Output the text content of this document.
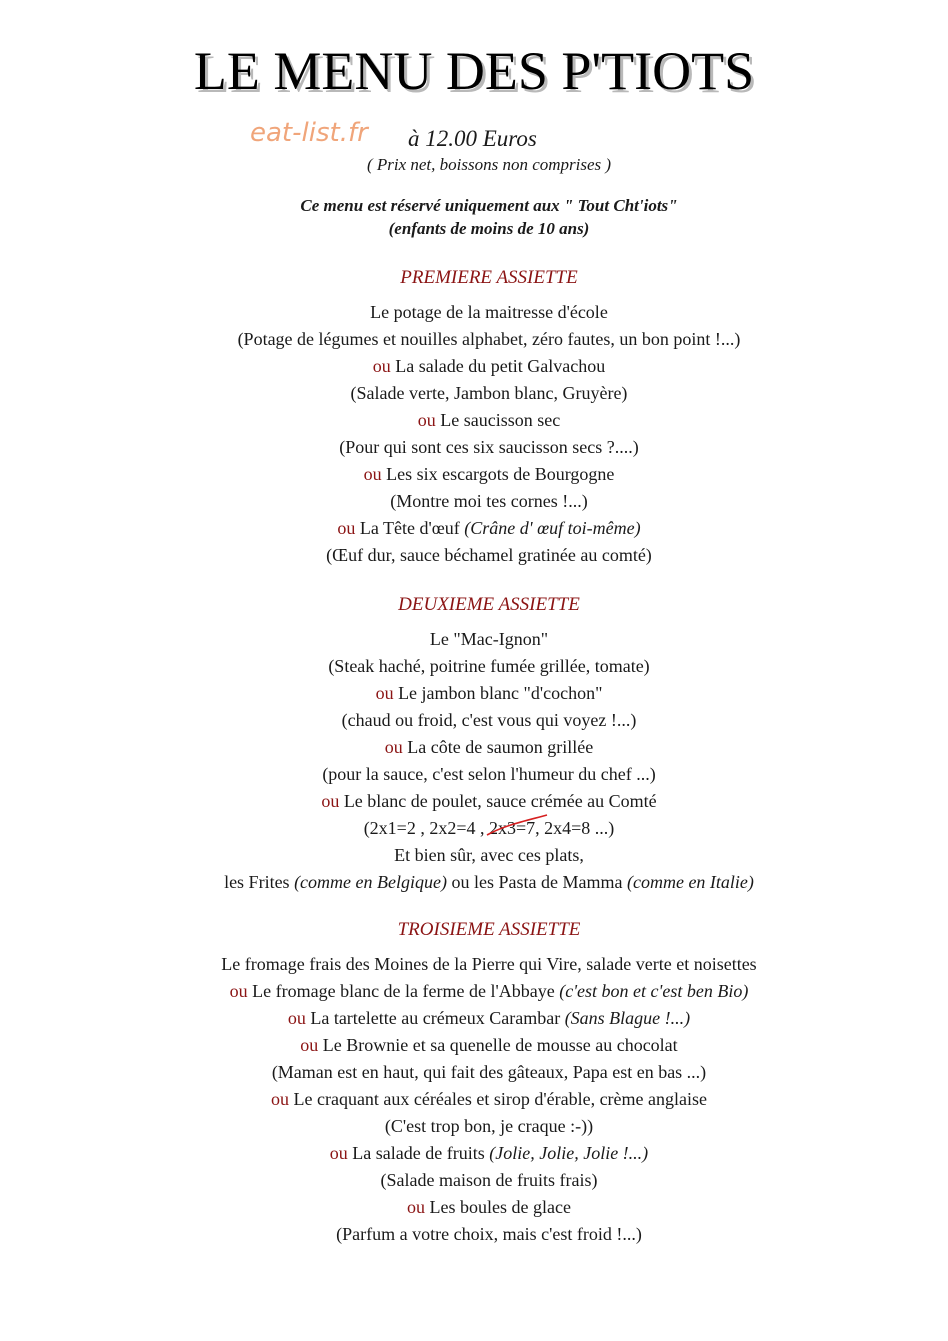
LE MENU DES P'TIOTS
eat-list.fr à 12.00 Euros
( Prix net, boissons non comprises )
Ce menu est réservé uniquement aux " Tout Cht'iots"
(enfants de moins de 10 ans)
PREMIERE ASSIETTE
Le potage de la maitresse d'école
(Potage de légumes et nouilles alphabet, zéro fautes, un bon point !...)
ou La salade du petit Galvachou
(Salade verte, Jambon blanc, Gruyère)
ou Le saucisson sec
(Pour qui sont ces six saucisson secs ?....)
ou Les six escargots de Bourgogne
(Montre moi tes cornes !...)
ou La Tête d'œuf (Crâne d' œuf toi-même)
(Œuf dur, sauce béchamel gratinée au comté)
DEUXIEME ASSIETTE
Le "Mac-Ignon"
(Steak haché, poitrine fumée grillée, tomate)
ou Le jambon blanc "d'cochon"
(chaud ou froid, c'est vous qui voyez !...)
ou La côte de saumon grillée
(pour la sauce, c'est selon l'humeur du chef ...)
ou Le blanc de poulet, sauce crémée au Comté
(2x1=2 , 2x2=4 , 2x3=7
, 2x4=8 ...)
Et bien sûr, avec ces plats,
les Frites (comme en Belgique) ou les Pasta de Mamma (comme en Italie)
TROISIEME ASSIETTE
Le fromage frais des Moines de la Pierre qui Vire, salade verte et noisettes
ou Le fromage blanc de la ferme de l'Abbaye (c'est bon et c'est ben Bio)
ou La tartelette au crémeux Carambar (Sans Blague !...)
ou Le Brownie et sa quenelle de mousse au chocolat
(Maman est en haut, qui fait des gâteaux, Papa est en bas ...)
ou Le craquant aux céréales et sirop d'érable, crème anglaise
(C'est trop bon, je craque :-))
ou La salade de fruits (Jolie, Jolie, Jolie !...)
(Salade maison de fruits frais)
ou Les boules de glace
(Parfum a votre choix, mais c'est froid !...)
